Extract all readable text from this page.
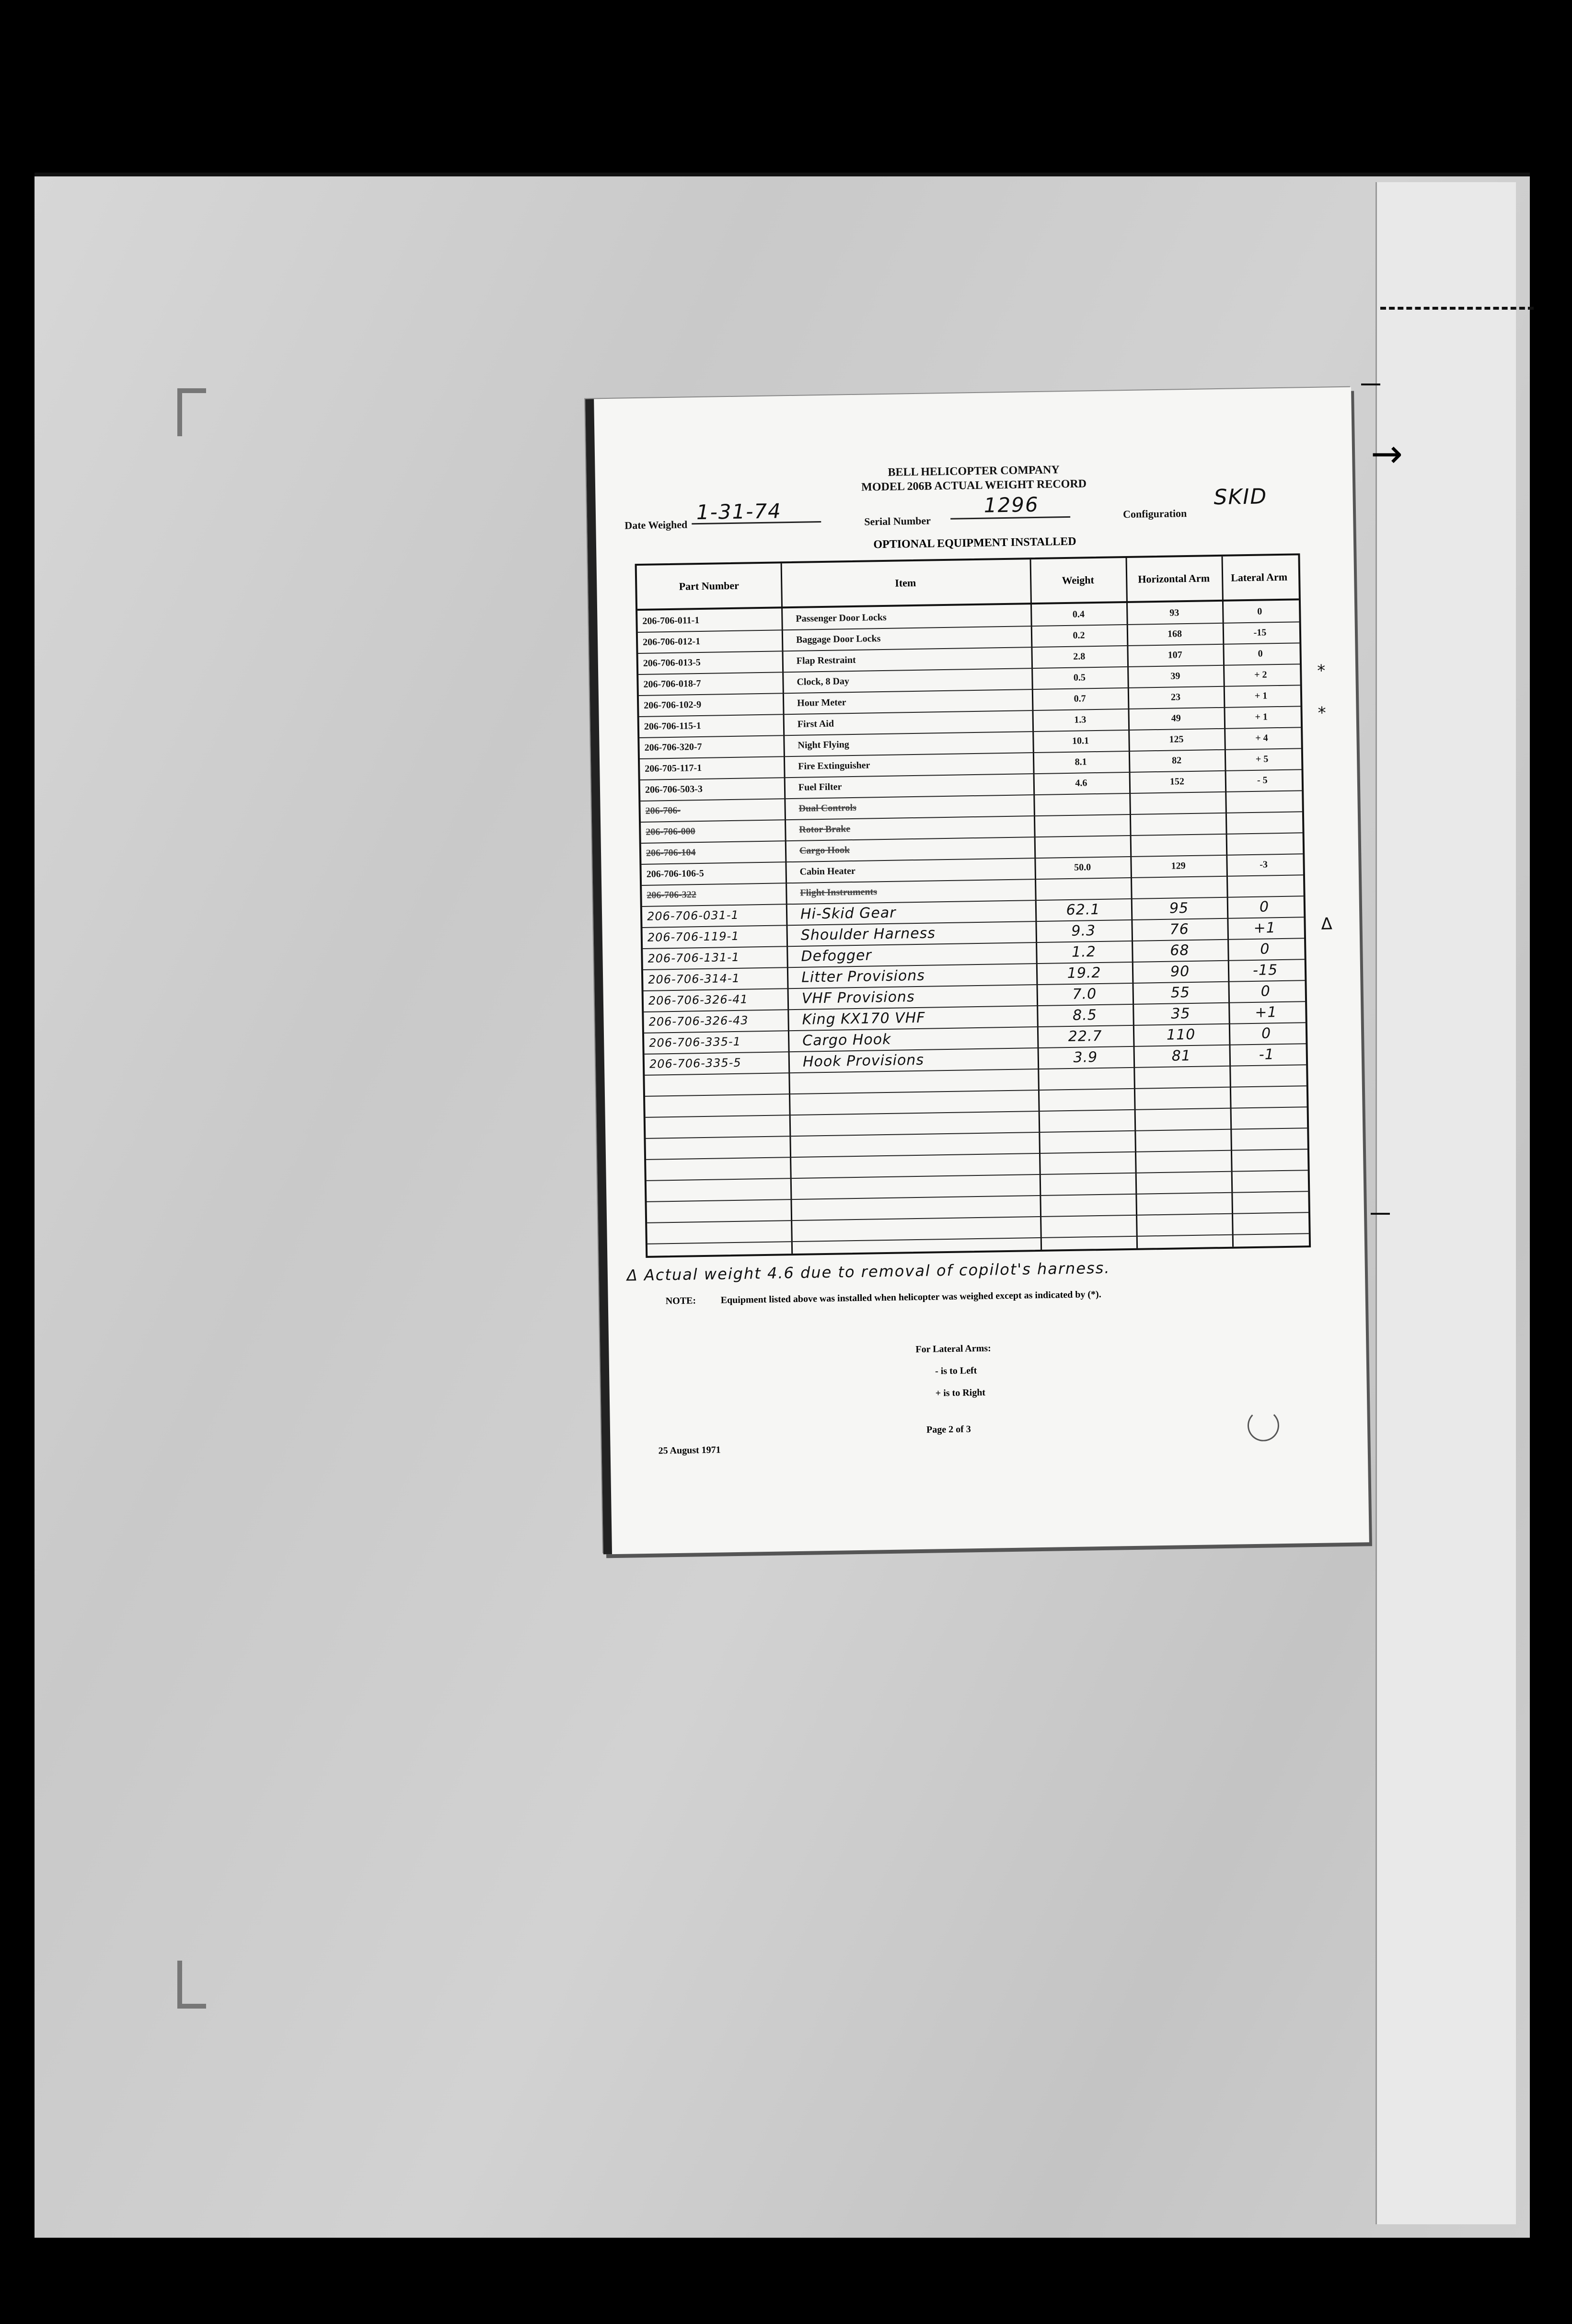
→
BELL HELICOPTER COMPANY
MODEL 206B ACTUAL WEIGHT RECORD
Date Weighed
1-31-74	Serial Number
1296	Configuration
SKID
OPTIONAL EQUIPMENT INSTALLED
Part Number	Item	Weight	Horizontal Arm	Lateral Arm
206-706-011-1	Passenger Door Locks	0.4	93	0
206-706-012-1	Baggage Door Locks	0.2	168	-15
206-706-013-5	Flap Restraint	2.8	107	0
206-706-018-7	Clock, 8 Day	0.5	39	+ 2
206-706-102-9	Hour Meter	0.7	23	+ 1
206-706-115-1	First Aid	1.3	49	+ 1
206-706-320-7	Night Flying	10.1	125	+ 4
206-705-117-1	Fire Extinguisher	8.1	82	+ 5
206-706-503-3	Fuel Filter	4.6	152	- 5
206-706-	Dual Controls
206-706-000	Rotor Brake
206-706-104	Cargo Hook
206-706-106-5	Cabin Heater	50.0	129	-3
206-706-322	Flight Instruments
206-706-031-1	Hi-Skid Gear	62.1	95	0
206-706-119-1	Shoulder Harness	9.3	76	+1
206-706-131-1	Defogger	1.2	68	0
206-706-314-1	Litter Provisions	19.2	90	-15
206-706-326-41	VHF Provisions	7.0	55	0
206-706-326-43	King KX170 VHF	8.5	35	+1
206-706-335-1	Cargo Hook	22.7	110	0
206-706-335-5	Hook Provisions	3.9	81	-1
*
*
Δ
Δ Actual weight 4.6 due to removal of copilot's harness.
NOTE:	Equipment listed above was installed when helicopter was weighed except as indicated by (*).
For Lateral Arms:
- is to Left
+ is to Right
Page 2 of 3
25 August 1971
